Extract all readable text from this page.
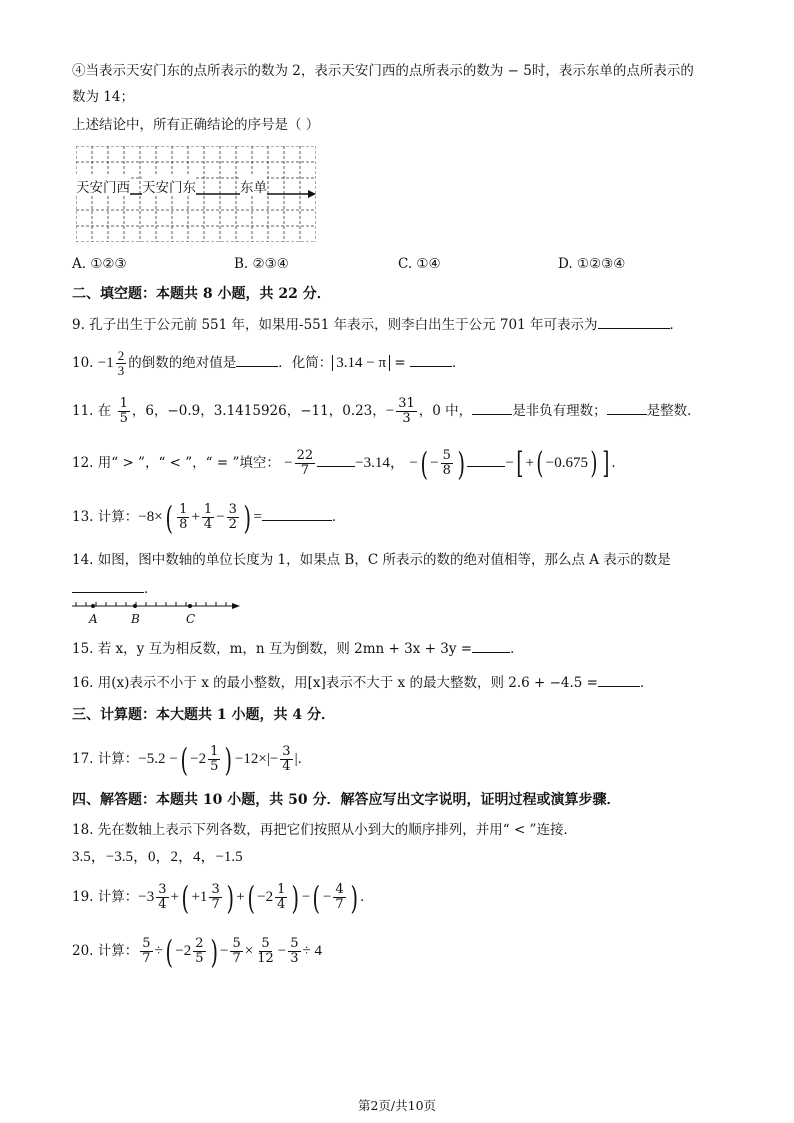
④当表示天安门东的点所表示的数为 2，表示天安门西的点所表示的数为 − 5时，表示东单的点所表示的
数为 14；
上述结论中，所有正确结论的序号是（ ）
天安门西 天安门东	东单
A. ①②③	B. ②③④	C. ①④	D. ①②③④
二、填空题：本题共 8 小题，共 22 分．
9. 孔子出生于公元前 551 年，如果用-551 年表示，则李白出生于公元 701 年可表示为	．
10. $-1 \frac{2}{3}$ 的倒数的绝对值是	．化简： 3.14 − π =	．
11. 在 $\frac{1}{5}$ ，6，−0.9，3.1415926，−11，0.23，− $\frac{31}{3}$ ，0 中，	是非负有理数；	是整数．
12. 用“ > ”，“ < ”，“ = ”填空： − $\frac{22}{7}$	−3.14， −( − $\frac{5}{8}$ )	−[ +( −0.675) ] ．
13. 计算：$-8\times( \frac{1}{8} + \frac{1}{4} - \frac{3}{2}$ ) =	．
14. 如图，图中数轴的单位长度为 1，如果点 B，C 所表示的数的绝对值相等，那么点 A 表示的数是
．
A	B	C
15. 若 x，y 互为相反数，m，n 互为倒数，则 2mn + 3x + 3y =	．
16. 用(x)表示不小于 x 的最小整数，用[x]表示不大于 x 的最大整数，则 2.6 + −4.5 =	．
三、计算题：本大题共 1 小题，共 4 分．
17. 计算：−5.2 −( $-2 \frac{1}{5}$ ) $-12\times|- \frac{3}{4}$ |．
四、解答题：本题共 10 小题，共 50 分．解答应写出文字说明，证明过程或演算步骤．
18. 先在数轴上表示下列各数，再把它们按照从小到大的顺序排列，并用“ < ”连接．
3.5，−3.5，0，2，4，−1.5
19. 计算：$-3 \frac{3}{4}$ +( $+1 \frac{3}{7}$ ) +( $-2 \frac{1}{4}$ ) −( − $\frac{4}{7}$ ) ．
20. 计算： $\frac{5}{7}$ ÷( $-2 \frac{2}{5}$ ) − $\frac{5}{7} \times \frac{5}{12} - \frac{5}{3} \div 4$
第2页/共10页
